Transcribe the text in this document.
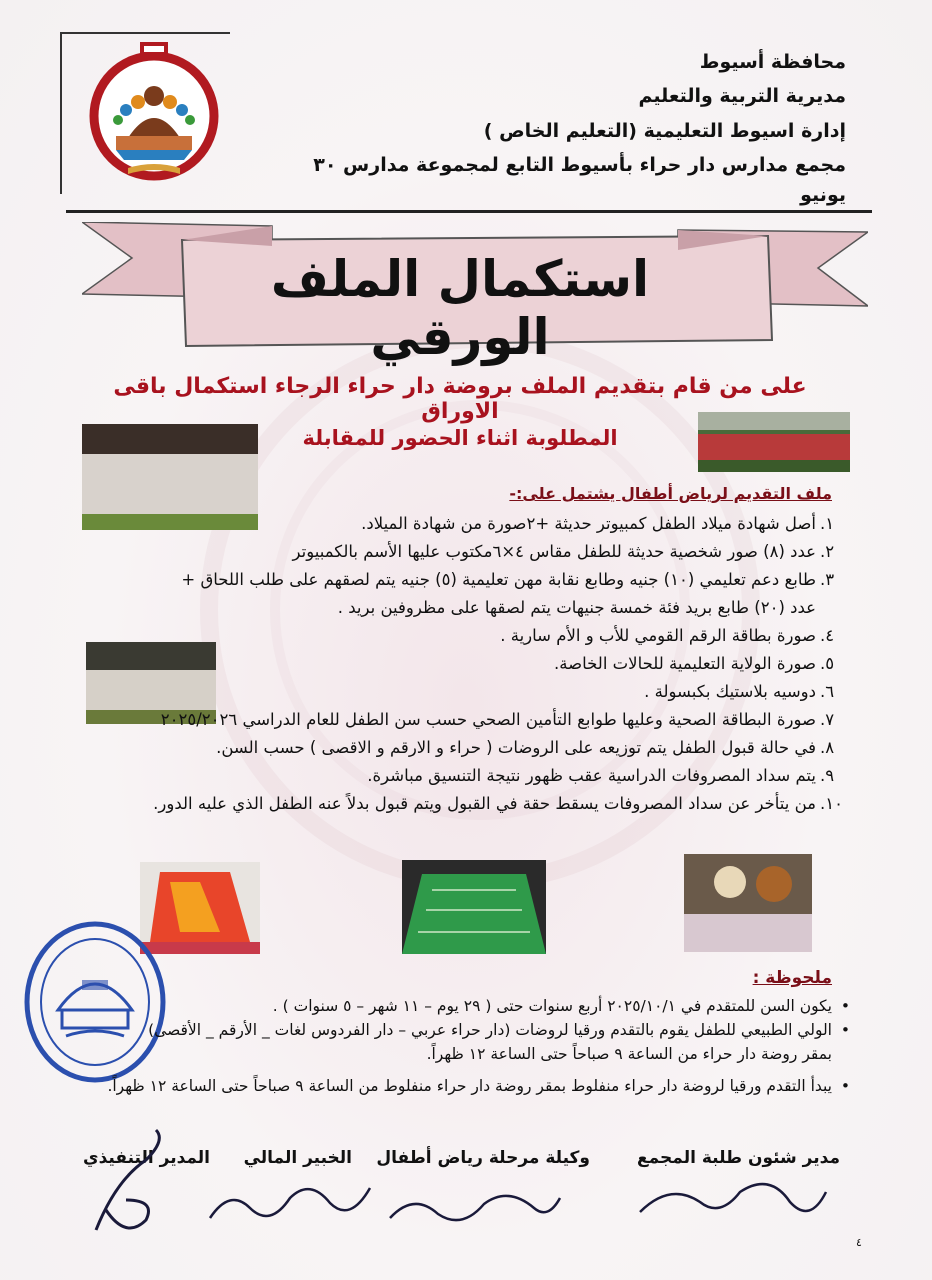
محافظة أسيوط
مديرية التربية والتعليم
إدارة اسيوط التعليمية (التعليم الخاص )
مجمع مدارس دار حراء بأسيوط التابع لمجموعة مدارس ٣٠ يونيو
استكمال الملف الورقي
على من قام بتقديم الملف بروضة دار حراء الرجاء استكمال باقى الاوراق
المطلوبة اثناء الحضور للمقابلة
ملف التقديم لرياض أطفال يشتمل على:-
.١
أصل شهادة ميلاد الطفل كمبيوتر حديثة +٢صورة من شهادة الميلاد.
.٢
عدد (٨) صور شخصية حديثة للطفل مقاس ٤×٦مكتوب عليها الأسم بالكمبيوتر
.٣
طابع دعم تعليمي (١٠) جنيه وطابع نقابة مهن تعليمية (٥) جنيه يتم لصقهم على طلب اللحاق +
عدد (٢٠) طابع بريد فئة خمسة جنيهات يتم لصقها على مظروفين بريد .
.٤
صورة بطاقة الرقم القومي للأب و الأم سارية .
.٥
صورة الولاية التعليمية للحالات الخاصة.
.٦
دوسيه بلاستيك بكبسولة .
.٧
صورة البطاقة الصحية وعليها طوابع التأمين الصحي حسب سن الطفل للعام الدراسي ٢٠٢٥/٢٠٢٦
.٨
في حالة قبول الطفل يتم توزيعه على الروضات ( حراء و الارقم و الاقصى ) حسب السن.
.٩
يتم سداد المصروفات الدراسية عقب ظهور نتيجة التنسيق مباشرة.
.١٠
من يتأخر عن سداد المصروفات يسقط حقة في القبول ويتم قبول بدلاً عنه الطفل الذي عليه الدور.
ملحوظة :
•
يكون السن للمتقدم في ٢٠٢٥/١٠/١ أربع سنوات حتى ( ٢٩ يوم – ١١ شهر – ٥ سنوات ) .
•
الولي الطبيعي للطفل يقوم بالتقدم ورقيا لروضات (دار حراء عربي – دار الفردوس لغات _ الأرقم _ الأقصى)
بمقر روضة دار حراء من الساعة ٩ صباحاً حتى الساعة ١٢ ظهراً.
•
يبدأ التقدم ورقيا لروضة دار حراء منفلوط بمقر روضة دار حراء منفلوط من الساعة ٩ صباحاً حتى الساعة ١٢ ظهراً.
مدير شئون طلبة المجمع
وكيلة مرحلة رياض أطفال
الخبير المالي
المدير التنفيذي
٤
